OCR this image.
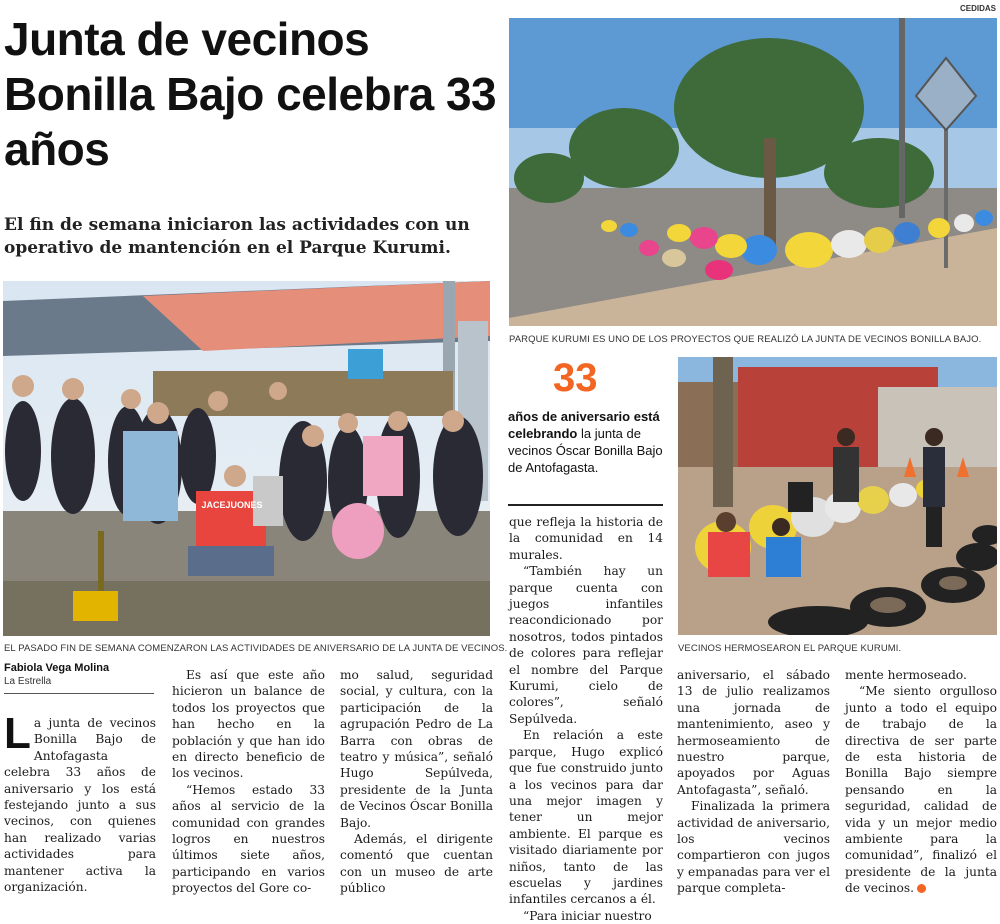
CEDIDAS
Junta de vecinos Bonilla Bajo celebra 33 años
El fin de semana iniciaron las actividades con un operativo de mantención en el Parque Kurumi.
JACEJUONES
EL PASADO FIN DE SEMANA COMENZARON LAS ACTIVIDADES DE ANIVERSARIO DE LA JUNTA DE VECINOS.
PARQUE KURUMI ES UNO DE LOS PROYECTOS QUE REALIZÓ LA JUNTA DE VECINOS BONILLA BAJO.
VECINOS HERMOSEARON EL PARQUE KURUMI.
33
años de aniversario está celebrando la junta de vecinos Óscar Bonilla Bajo de Antofagasta.
Fabiola Vega Molina
La Estrella

La junta de vecinos Bonilla Bajo de Antofagasta celebra 33 años de aniversario y los está festejando junto a sus vecinos, con quienes han realizado varias actividades para mantener activa la organización.

Es así que este año hicieron un balance de todos los proyectos que han hecho en la población y que han ido en directo beneficio de los vecinos.

“Hemos estado 33 años al servicio de la comunidad con grandes logros en nuestros últimos siete años, participando en varios proyectos del Gore co-

mo salud, seguridad social, y cultura, con la participación de la agrupación Pedro de La Barra con obras de teatro y música”, señaló Hugo Sepúlveda, presidente de la Junta de Vecinos Óscar Bonilla Bajo.

Además, el dirigente comentó que cuentan con un museo de arte público

que refleja la historia de la comunidad en 14 murales.

“También hay un parque cuenta con juegos infantiles reacondicionado por nosotros, todos pintados de colores para reflejar el nombre del Parque Kurumi, cielo de colores”, señaló Sepúlveda.

En relación a este parque, Hugo explicó que fue construido junto a los vecinos para dar una mejor imagen y tener un mejor ambiente. El parque es visitado diariamente por niños, tanto de las escuelas y jardines infantiles cercanos a él.

“Para iniciar nuestro

aniversario, el sábado 13 de julio realizamos una jornada de mantenimiento, aseo y hermoseamiento de nuestro parque, apoyados por Aguas Antofagasta”, señaló.

Finalizada la primera actividad de aniversario, los vecinos compartieron con jugos y empanadas para ver el parque completa-

mente hermoseado.

“Me siento orgulloso junto a todo el equipo de trabajo de la directiva de ser parte de esta historia de Bonilla Bajo siempre pensando en la seguridad, calidad de vida y un mejor medio ambiente para la comunidad”, finalizó el presidente de la junta de vecinos.
